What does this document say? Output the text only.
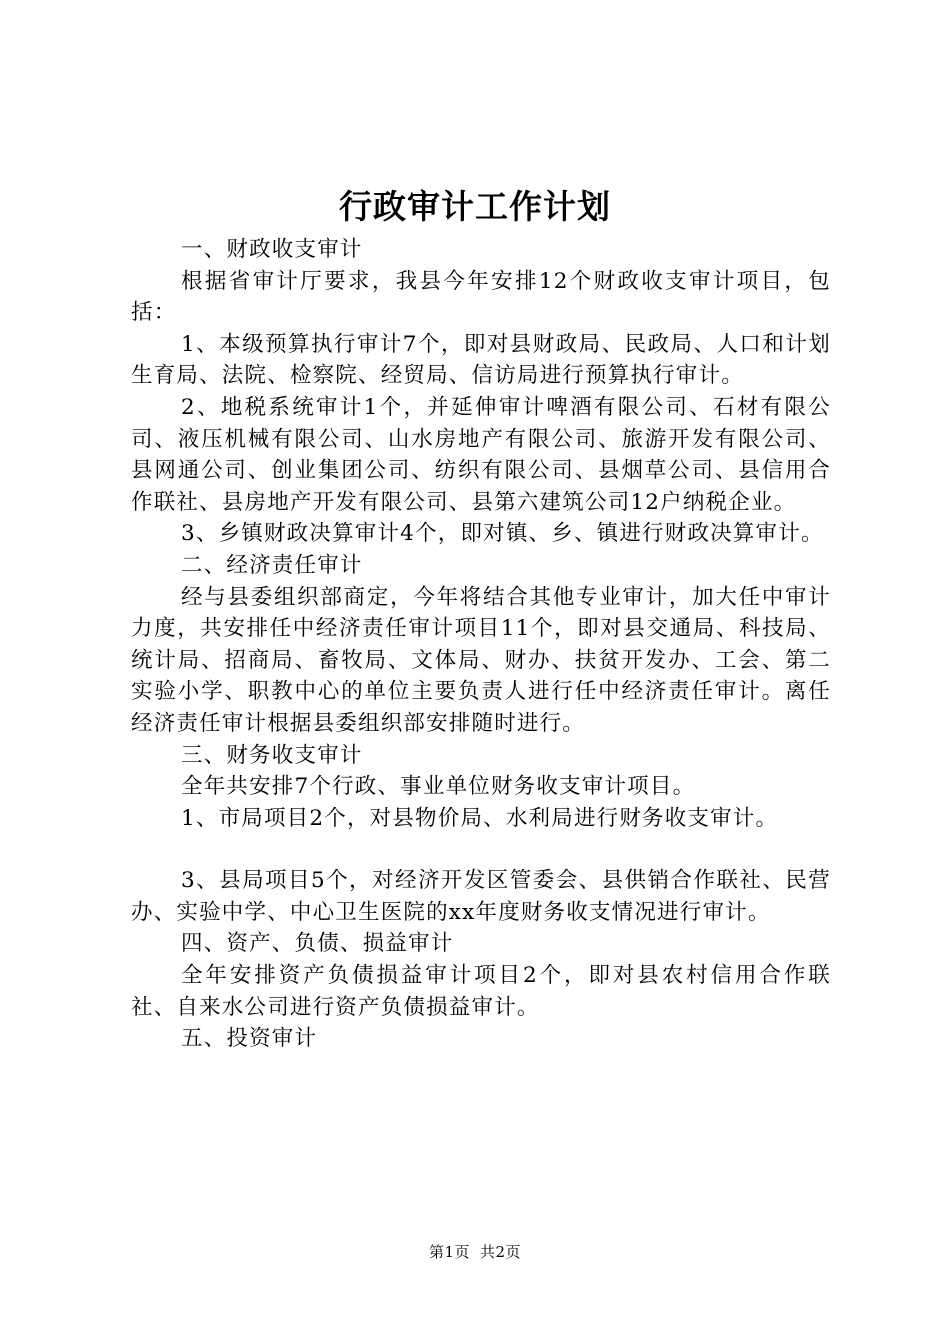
行政审计工作计划

一、财政收支审计

根据省审计厅要求，我县今年安排12个财政收支审计项目，包括：

1、本级预算执行审计7个，即对县财政局、民政局、人口和计划生育局、法院、检察院、经贸局、信访局进行预算执行审计。

2、地税系统审计1个，并延伸审计啤酒有限公司、石材有限公司、液压机械有限公司、山水房地产有限公司、旅游开发有限公司、县网通公司、创业集团公司、纺织有限公司、县烟草公司、县信用合作联社、县房地产开发有限公司、县第六建筑公司12户纳税企业。

3、乡镇财政决算审计4个，即对镇、乡、镇进行财政决算审计。

二、经济责任审计

经与县委组织部商定，今年将结合其他专业审计，加大任中审计力度，共安排任中经济责任审计项目11个，即对县交通局、科技局、统计局、招商局、畜牧局、文体局、财办、扶贫开发办、工会、第二实验小学、职教中心的单位主要负责人进行任中经济责任审计。离任经济责任审计根据县委组织部安排随时进行。

三、财务收支审计

全年共安排7个行政、事业单位财务收支审计项目。

1、市局项目2个，对县物价局、水利局进行财务收支审计。

3、县局项目5个，对经济开发区管委会、县供销合作联社、民营办、实验中学、中心卫生医院的xx年度财务收支情况进行审计。

四、资产、负债、损益审计

全年安排资产负债损益审计项目2个，即对县农村信用合作联社、自来水公司进行资产负债损益审计。

五、投资审计

第1页 共2页
